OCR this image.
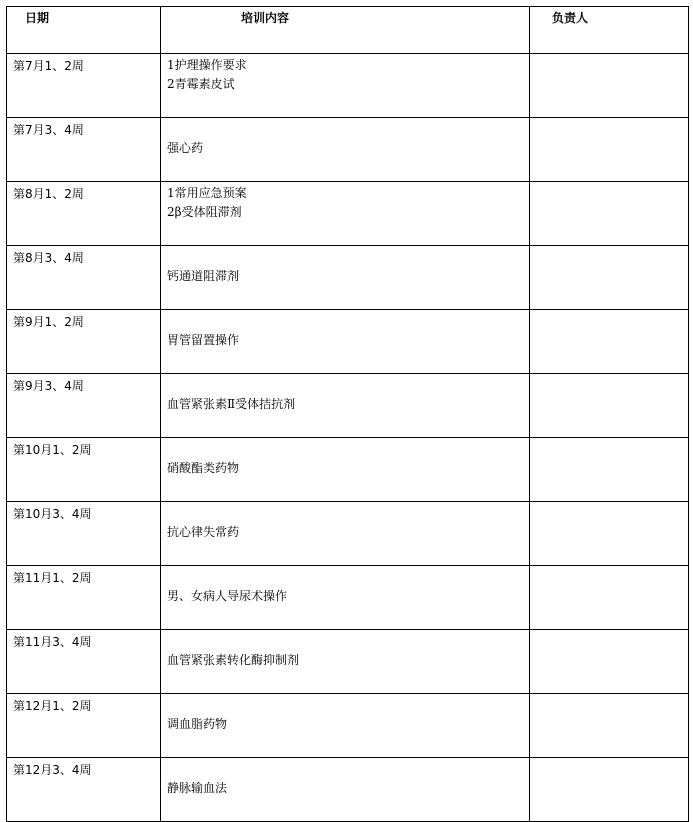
日期	培训内容	负责人
第7月1、2周	1护理操作要求
2青霉素皮试	

第7月3、4周	强心药	

第8月1、2周	1常用应急预案
2β受体阻滞剂	

第8月3、4周	钙通道阻滞剂	

第9月1、2周	胃管留置操作	

第9月3、4周	血管紧张素Ⅱ受体拮抗剂	

第10月1、2周	硝酸酯类药物	

第10月3、4周	抗心律失常药	

第11月1、2周	男、女病人导尿术操作	

第11月3、4周	血管紧张素转化酶抑制剂	

第12月1、2周	调血脂药物	

第12月3、4周	静脉输血法	
